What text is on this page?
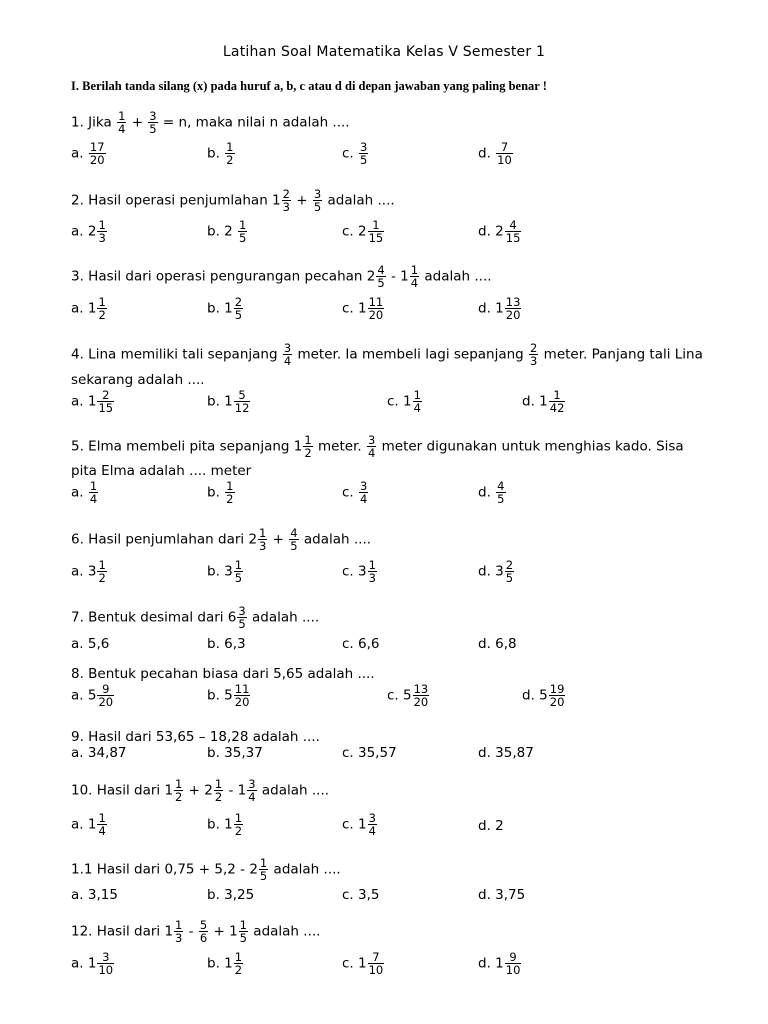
Latihan Soal Matematika Kelas V Semester 1
I. Berilah tanda silang (x) pada huruf a, b, c atau d di depan jawaban yang paling benar !
1. Jika $\frac{1}{4} + \frac{3}{5} = n$, maka nilai n adalah ....
a. $\frac{17}{20}$	b. $\frac{1}{2}$	c. $\frac{3}{5}$	d. $\frac{7}{10}$
2. Hasil operasi penjumlahan $1 \frac{2}{3} + \frac{3}{5}$ adalah ....
a. $2 \frac{1}{3}$	b. $2 \frac{1}{5}$	c. $2 \frac{1}{15}$	d. $2 \frac{4}{15}$
3. Hasil dari operasi pengurangan pecahan $2 \frac{4}{5} - 1 \frac{1}{4}$ adalah ....
a. $1 \frac{1}{2}$	b. $1 \frac{2}{5}$	c. $1 \frac{11}{20}$	d. $1 \frac{13}{20}$
4. Lina memiliki tali sepanjang $\frac{3}{4}$ meter. Ia membeli lagi sepanjang $\frac{2}{3}$ meter. Panjang tali Lina
sekarang adalah ....
a. $1 \frac{2}{15}$	b. $1 \frac{5}{12}$	c. $1 \frac{1}{4}$	d. $1 \frac{1}{42}$
5. Elma membeli pita sepanjang $1 \frac{1}{2}$ meter. $\frac{3}{4}$ meter digunakan untuk menghias kado. Sisa
pita Elma adalah .... meter
a. $\frac{1}{4}$	b. $\frac{1}{2}$	c. $\frac{3}{4}$	d. $\frac{4}{5}$
6. Hasil penjumlahan dari $2 \frac{1}{3} + \frac{4}{5}$ adalah ....
a. $3 \frac{1}{2}$	b. $3 \frac{1}{5}$	c. $3 \frac{1}{3}$	d. $3 \frac{2}{5}$
7. Bentuk desimal dari $6 \frac{3}{5}$ adalah ....
a. 5,6	b. 6,3	c. 6,6	d. 6,8
8. Bentuk pecahan biasa dari 5,65 adalah ....
a. $5 \frac{9}{20}$	b. $5 \frac{11}{20}$	c. $5 \frac{13}{20}$	d. $5 \frac{19}{20}$
9. Hasil dari 53,65 – 18,28 adalah ....
a. 34,87	b. 35,37	c. 35,57	d. 35,87
10. Hasil dari $1 \frac{1}{2} + 2 \frac{1}{2} - 1 \frac{3}{4}$ adalah ....
a. $1 \frac{1}{4}$	b. $1 \frac{1}{2}$	c. $1 \frac{3}{4}$	d. 2
1.1 Hasil dari $0,75 + 5,2 - 2 \frac{1}{5}$ adalah ....
a. 3,15	b. 3,25	c. 3,5	d. 3,75
12. Hasil dari $1 \frac{1}{3} - \frac{5}{6} + 1 \frac{1}{5}$ adalah ....
a. $1 \frac{3}{10}$	b. $1 \frac{1}{2}$	c. $1 \frac{7}{10}$	d. $1 \frac{9}{10}$
